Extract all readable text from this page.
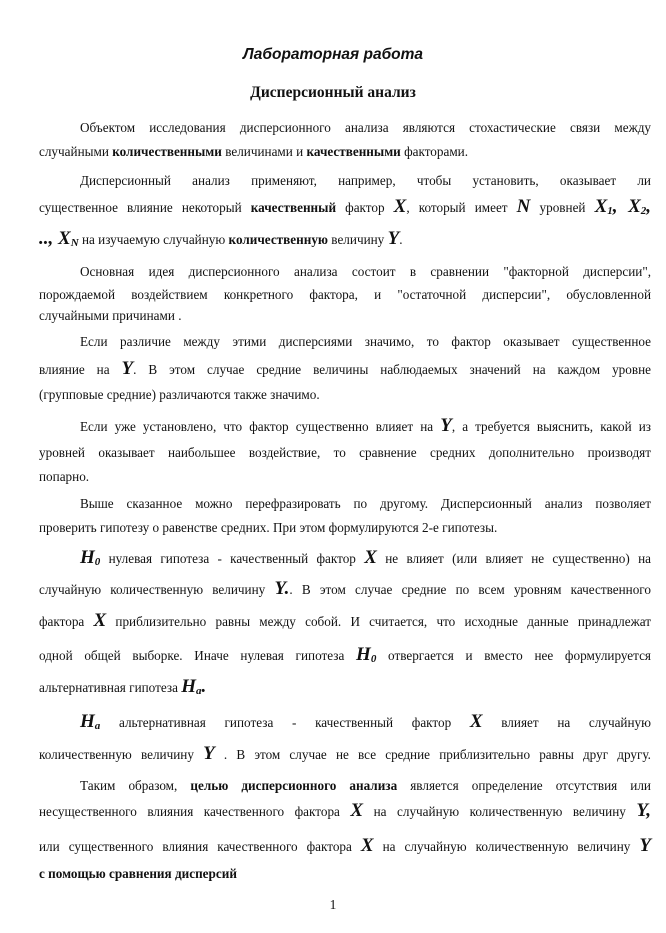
Лабораторная работа
Дисперсионный анализ
Объектом исследования дисперсионного анализа являются стохастические связи между
случайными количественными величинами и качественными факторами.
Дисперсионный анализ применяют, например, чтобы установить, оказывает ли
существенное влияние некоторый качественный фактор X, который имеет N уровней $X_1$, $X_2$,
.., $X_N$ на изучаемую случайную количественную величину Y.
Основная идея дисперсионного анализа состоит в сравнении "факторной дисперсии",
порождаемой воздействием конкретного фактора, и "остаточной дисперсии", обусловленной
случайными причинами .
Если различие между этими дисперсиями значимо, то фактор оказывает существенное
влияние на Y. В этом случае средние величины наблюдаемых значений на каждом уровне
(групповые средние) различаются также значимо.
Если уже установлено, что фактор существенно влияет на Y, а требуется выяснить, какой из
уровней оказывает наибольшее воздействие, то сравнение средних дополнительно производят
попарно.
Выше сказанное можно перефразировать по другому. Дисперсионный анализ позволяет
проверить гипотезу о равенстве средних. При этом формулируются 2-е гипотезы.
$H_0$ нулевая гипотеза - качественный фактор X не влияет (или влияет не существенно) на
случайную количественную величину Y.. В этом случае средние по всем уровням качественного
фактора X приблизительно равны между собой. И считается, что исходные данные принадлежат
одной общей выборке. Иначе нулевая гипотеза $H_0$ отвергается и вместо нее формулируется
альтернативная гипотеза $H_a$.
$H_a$ альтернативная гипотеза - качественный фактор X влияет на случайную
количественную величину Y . В этом случае не все средние приблизительно равны друг другу.
Таким образом, целью дисперсионного анализа является определение отсутствия или
несущественного влияния качественного фактора X на случайную количественную величину Y,
или существенного влияния качественного фактора X на случайную количественную величину Y
с помощью сравнения дисперсий
1
